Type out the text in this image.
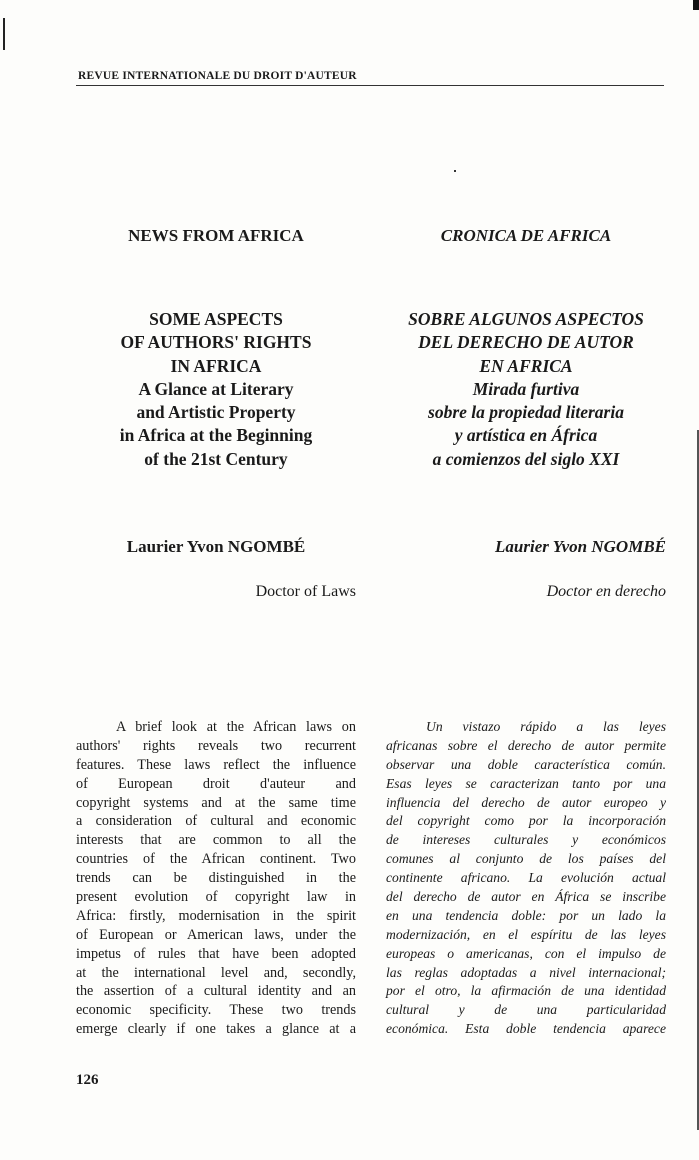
REVUE INTERNATIONALE DU DROIT D'AUTEUR
NEWS FROM AFRICA
SOME ASPECTS
OF AUTHORS' RIGHTS
IN AFRICA
A Glance at Literary
and Artistic Property
in Africa at the Beginning
of the 21st Century
Laurier Yvon NGOMBÉ
Doctor of Laws
A brief look at the African laws on
authors' rights reveals two recurrent
features. These laws reflect the influence
of European droit d'auteur and
copyright systems and at the same time
a consideration of cultural and economic
interests that are common to all the
countries of the African continent. Two
trends can be distinguished in the
present evolution of copyright law in
Africa: firstly, modernisation in the spirit
of European or American laws, under the
impetus of rules that have been adopted
at the international level and, secondly,
the assertion of a cultural identity and an
economic specificity. These two trends
emerge clearly if one takes a glance at a
CRONICA DE AFRICA
SOBRE ALGUNOS ASPECTOS
DEL DERECHO DE AUTOR
EN AFRICA
Mirada furtiva
sobre la propiedad literaria
y artística en África
a comienzos del siglo XXI
Laurier Yvon NGOMBÉ
Doctor en derecho
Un vistazo rápido a las leyes
africanas sobre el derecho de autor permite
observar una doble característica común.
Esas leyes se caracterizan tanto por una
influencia del derecho de autor europeo y
del copyright como por la incorporación
de intereses culturales y económicos
comunes al conjunto de los países del
continente africano. La evolución actual
del derecho de autor en África se inscribe
en una tendencia doble: por un lado la
modernización, en el espíritu de las leyes
europeas o americanas, con el impulso de
las reglas adoptadas a nivel internacional;
por el otro, la afirmación de una identidad
cultural y de una particularidad
económica. Esta doble tendencia aparece
126
